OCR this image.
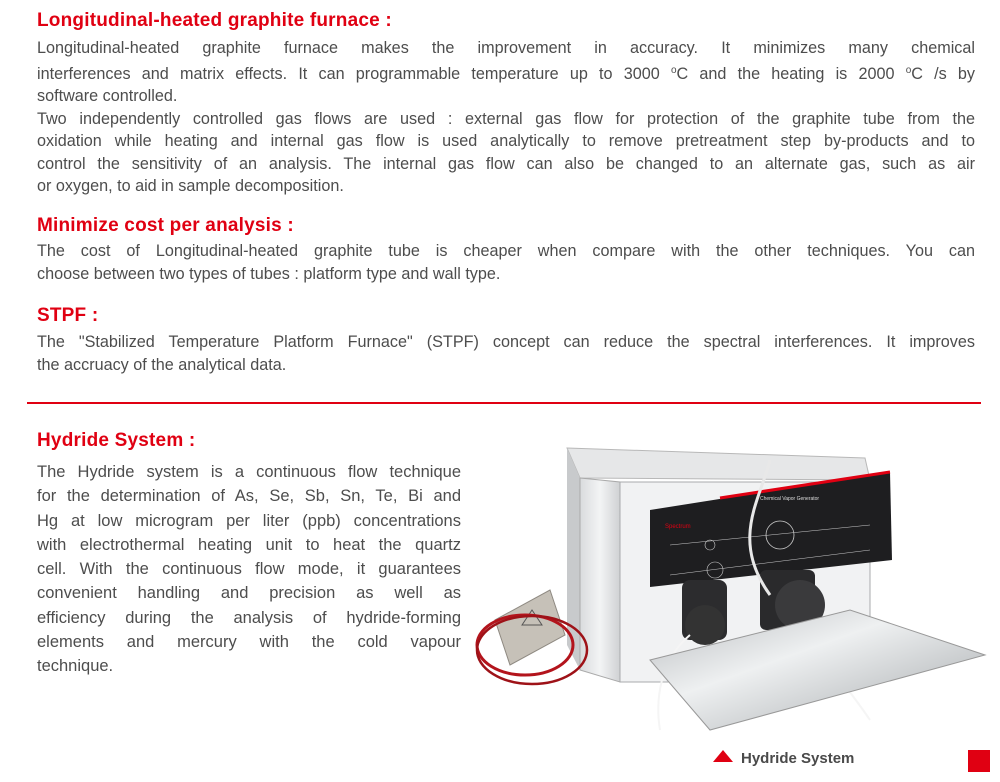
Longitudinal-heated graphite furnace :
Longitudinal-heated graphite furnace makes the improvement in accuracy. It minimizes many chemical
interferences and matrix effects. It can programmable temperature up to 3000 $^o$C and the heating is 2000 $^o$C /s by
software controlled.
Two independently controlled gas flows are used : external gas flow for protection of the graphite tube from the
oxidation while heating and internal gas flow is used analytically to remove pretreatment step by-products and to
control the sensitivity of an analysis. The internal gas flow can also be changed to an alternate gas, such as air
or oxygen, to aid in sample decomposition.
Minimize cost per analysis :
The cost of Longitudinal-heated graphite tube is cheaper when compare with the other techniques. You can
choose between two types of tubes : platform type and wall type.
STPF :
The "Stabilized Temperature Platform Furnace" (STPF) concept can reduce the spectral interferences. It improves
the accruacy of the analytical data.
Hydride System :
The Hydride system is a continuous flow technique
for the determination of As, Se, Sb, Sn, Te, Bi and
Hg at low microgram per liter (ppb) concentrations
with electrothermal heating unit to heat the quartz
cell. With the continuous flow mode, it guarantees
convenient handling and precision as well as
efficiency during the analysis of hydride-forming
elements and mercury with the cold vapour
technique.
Spectrum
Chemical Vapor Generator
Hydride System
